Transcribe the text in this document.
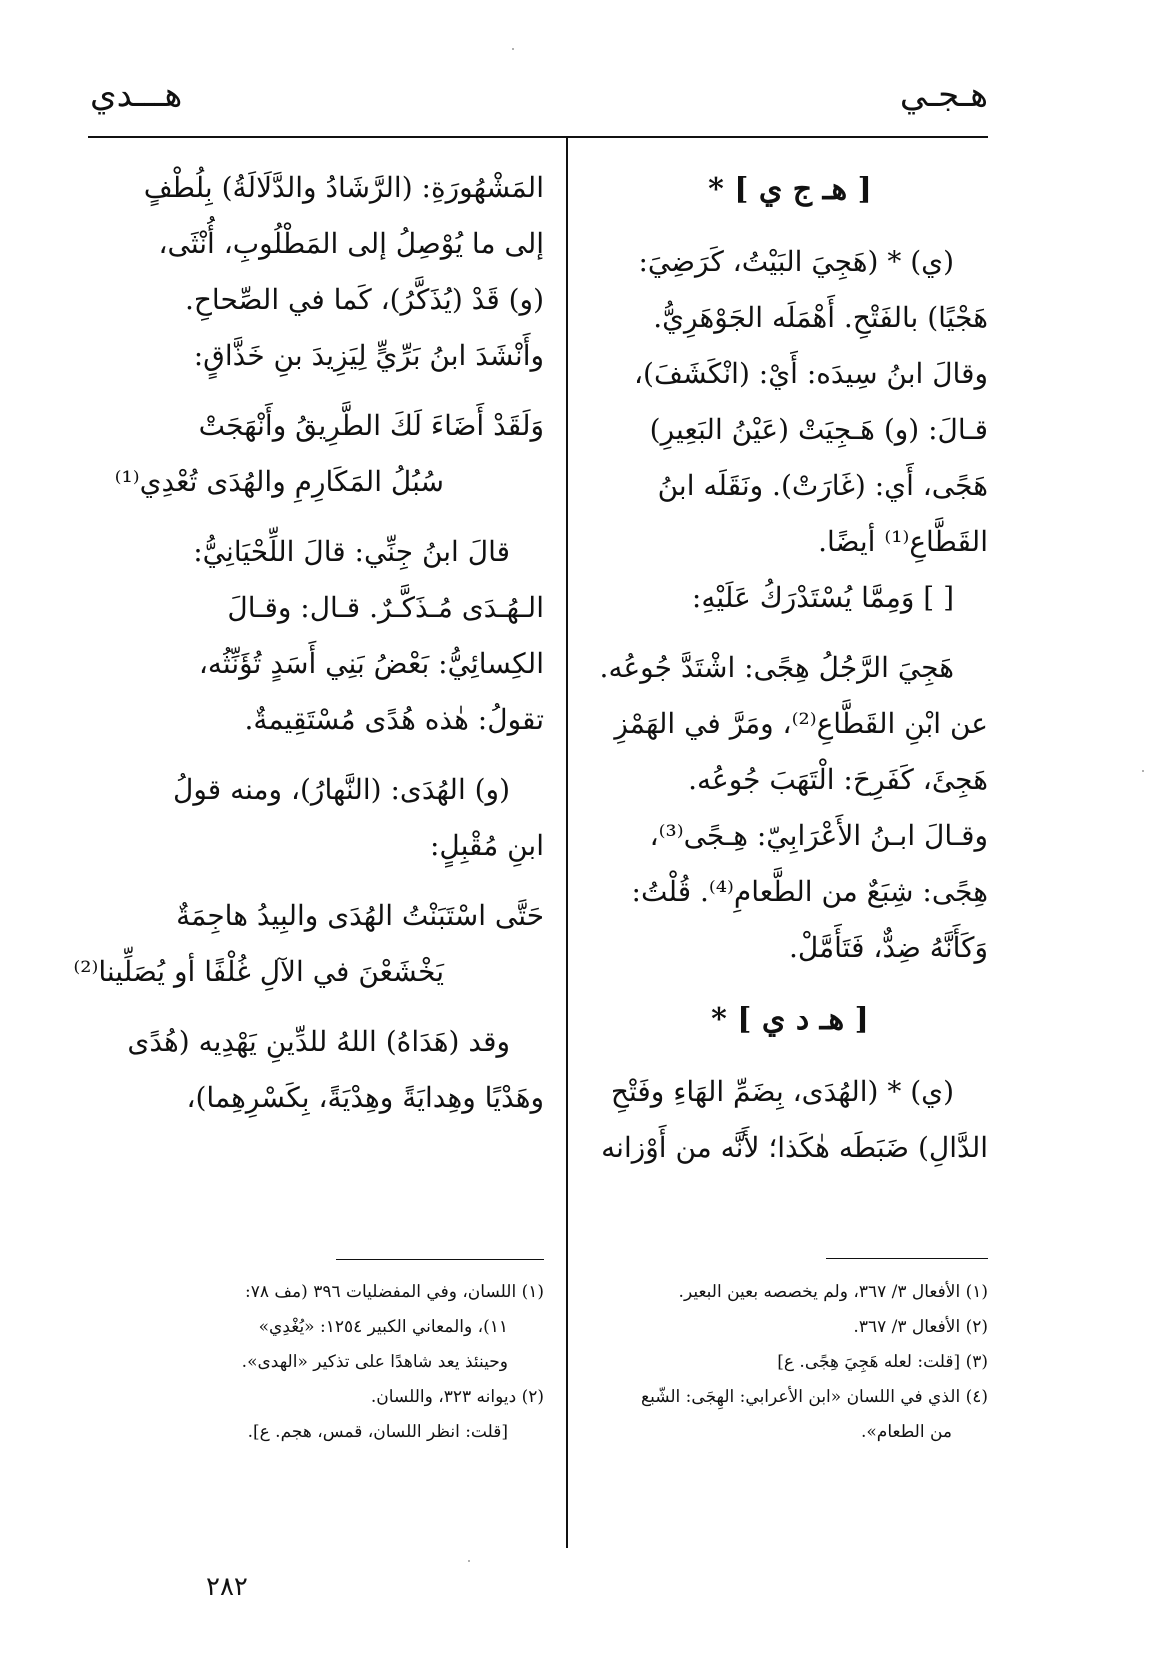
هـجـي
هـــدي
[ هـ ج ي ] *
(ي) * (هَجِيَ البَيْتُ، كَرَضِيَ:
هَجْيًا) بالفَتْحِ. أَهْمَلَه الجَوْهَرِيُّ.
وقالَ ابنُ سِيدَه: أَيْ: (انْكَشَفَ)،
قـالَ: (و) هَـجِيَتْ (عَيْنُ البَعِيرِ)
هَجًى، أَي: (غَارَتْ). ونَقَلَه ابنُ
القَطَّاعِ⁽¹⁾ أيضًا.
[ ] وَمِمَّا يُسْتَدْرَكُ عَلَيْهِ:
هَجِيَ الرَّجُلُ هِجًى: اشْتَدَّ جُوعُه.
عن ابْنِ القَطَّاعِ⁽²⁾، ومَرَّ في الهَمْزِ
هَجِئَ، كَفَرِحَ: الْتَهَبَ جُوعُه.
وقـالَ ابـنُ الأَعْرَابِيّ: هِـجًى⁽³⁾،
هِجًى: شِبَعٌ من الطَّعامِ⁽⁴⁾. قُلْتُ:
وَكَأَنَّهُ ضِدٌّ، فَتَأَمَّلْ.
[ هـ د ي ] *
(ي) * (الهُدَى، بِضَمِّ الهَاءِ وفَتْحِ
الدَّالِ) ضَبَطَه هٰكَذا؛ لأَنَّه من أَوْزانه
المَشْهُورَةِ: (الرَّشَادُ والدَّلَالَةُ) بِلُطْفٍ
إلى ما يُوْصِلُ إلى المَطْلُوبِ، أُنْثَى،
(و) قَدْ (يُذَكَّرُ)، كَما في الصِّحاحِ.
وأَنْشَدَ ابنُ بَرِّيٍّ لِيَزِيدَ بنِ خَذَّاقٍ:
وَلَقَدْ أَضَاءَ لَكَ الطَّرِيقُ وأَنْهَجَتْ
سُبُلُ المَكَارِمِ والهُدَى تُعْدِي⁽¹⁾
قالَ ابنُ جِنِّي: قالَ اللِّحْيَانِيُّ:
الـهُـدَى مُـذَكَّـرٌ. قـال: وقـالَ
الكِسائِيُّ: بَعْضُ بَنِي أَسَدٍ تُؤَنِّثُه،
تقولُ: هٰذه هُدًى مُسْتَقِيمةٌ.
(و) الهُدَى: (النَّهارُ)، ومنه قولُ
ابنِ مُقْبِلٍ:
حَتَّى اسْتَبَنْتُ الهُدَى والبِيدُ هاجِمَةٌ
يَخْشَعْنَ في الآلِ غُلْفًا أو يُصَلِّينا⁽²⁾
وقد (هَدَاهُ) اللهُ للدِّينِ يَهْدِيه (هُدًى
وهَدْيًا وهِدايَةً وهِدْيَةً، بِكَسْرِهِما)،
(١) الأفعال ٣/ ٣٦٧، ولم يخصصه بعين البعير.
(٢) الأفعال ٣/ ٣٦٧.
(٣) [قلت: لعله هَجِيَ هِجًى. ع]
(٤) الذي في اللسان «ابن الأعرابي: الهِجَى: الشّبع
من الطعام».
(١) اللسان، وفي المفضليات ٣٩٦ (مف ٧٨:
١١)، والمعاني الكبير ١٢٥٤: «يُغْدِي»
وحينئذ يعد شاهدًا على تذكير «الهدى».
(٢) ديوانه ٣٢٣، واللسان.
[قلت: انظر اللسان، قمس، هجم. ع].
٢٨٢
